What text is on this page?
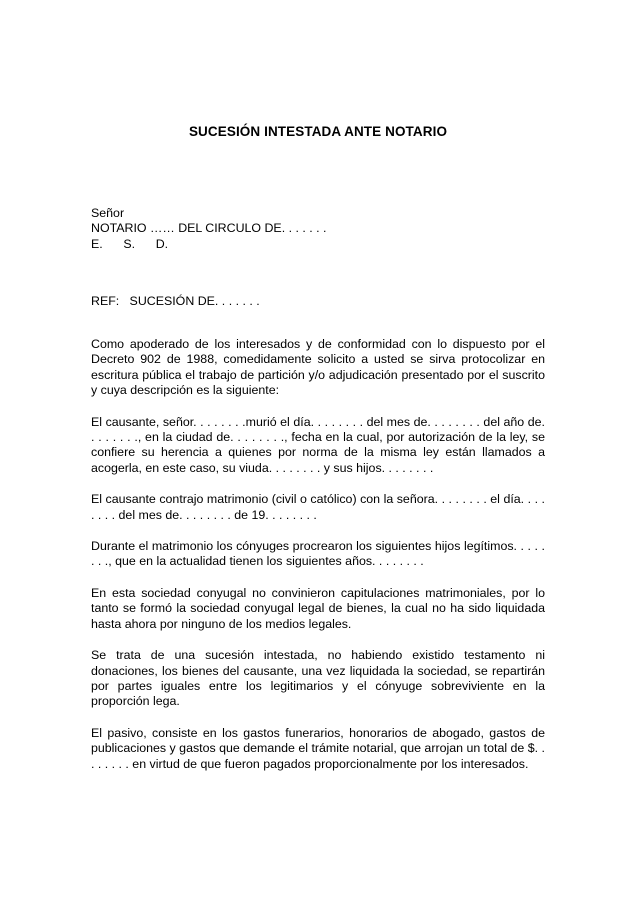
SUCESIÓN INTESTADA ANTE NOTARIO
Señor
NOTARIO …… DEL CIRCULO DE. . . . . . .
E.      S.      D.
REF:   SUCESIÓN DE. . . . . . .

Como apoderado de los interesados y de conformidad con lo dispuesto por el Decreto 902 de 1988, comedidamente solicito a usted se sirva protocolizar en escritura pública el trabajo de partición y/o adjudicación presentado por el suscrito y cuya descripción es la siguiente:

El causante, señor. . . . . . . .murió el día. . . . . . . . del mes de. . . . . . . . del año de. . . . . . . ., en la ciudad de. . . . . . . ., fecha en la cual, por autorización de la ley, se confiere su herencia a quienes por norma de la misma ley están llamados a acogerla, en este caso, su viuda. . . . . . . . y sus hijos. . . . . . . .

El causante contrajo matrimonio (civil o católico) con la señora. . . . . . . . el día. . . . . . . . del mes de. . . . . . . . de 19. . . . . . . .

Durante el matrimonio los cónyuges procrearon los siguientes hijos legítimos. . . . . . . ., que en la actualidad tienen los siguientes años. . . . . . . .

En esta sociedad conyugal no convinieron capitulaciones matrimoniales, por lo tanto se formó la sociedad conyugal legal de bienes, la cual no ha sido liquidada hasta ahora por ninguno de los medios legales.

Se trata de una sucesión intestada, no habiendo existido testamento ni donaciones, los bienes del causante, una vez liquidada la sociedad, se repartirán por partes iguales entre los legitimarios y el cónyuge sobreviviente en la proporción lega.

El pasivo, consiste en los gastos funerarios, honorarios de abogado, gastos de publicaciones y gastos que demande el trámite notarial, que arrojan un total de $. . . . . . . . en virtud de que fueron pagados proporcionalmente por los interesados.
